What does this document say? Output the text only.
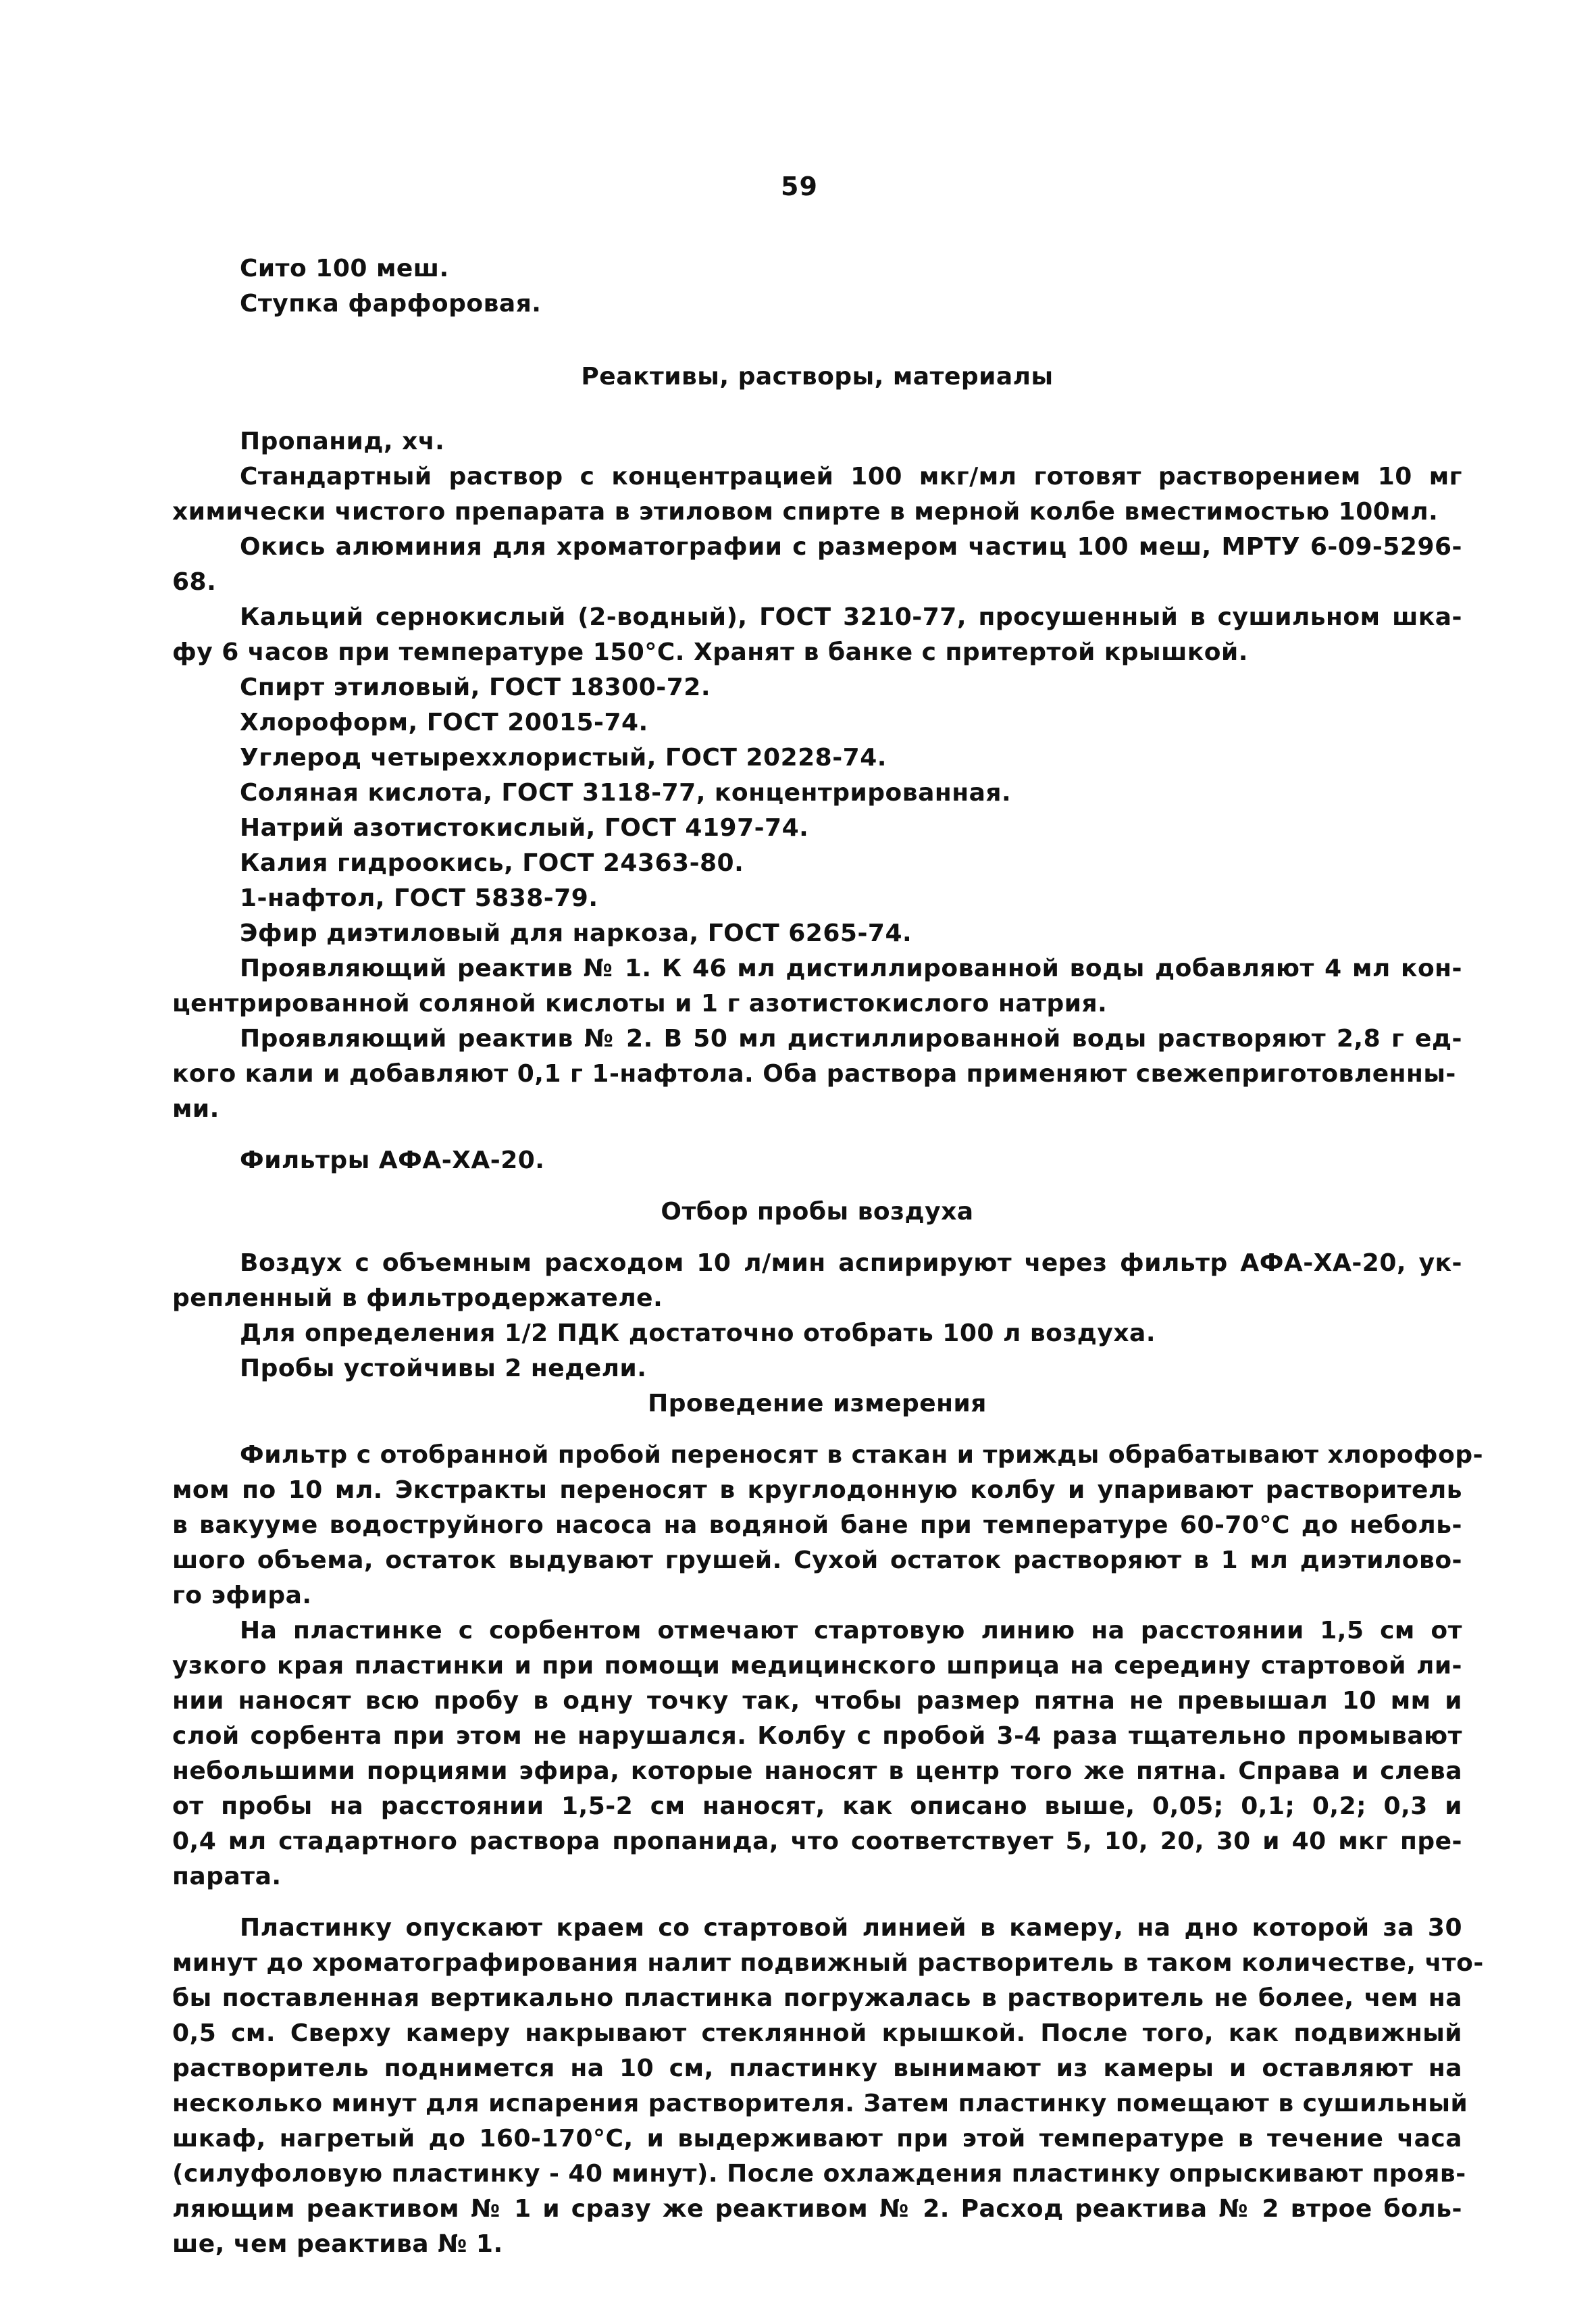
59
Сито 100 меш.
Ступка фарфоровая.
Реактивы, растворы, материалы
Пропанид, хч.
Стандартный раствор с концентрацией 100 мкг/мл готовят растворением 10 мг
химически чистого препарата в этиловом спирте в мерной колбе вместимостью 100мл.
Окись алюминия для хроматографии с размером частиц 100 меш, МРТУ 6-09-5296-
68.
Кальций сернокислый (2-водный), ГОСТ 3210-77, просушенный в сушильном шка-
фу 6 часов при температуре 150°С. Хранят в банке с притертой крышкой.
Спирт этиловый, ГОСТ 18300-72.
Хлороформ, ГОСТ 20015-74.
Углерод четыреххлористый, ГОСТ 20228-74.
Соляная кислота, ГОСТ 3118-77, концентрированная.
Натрий азотистокислый, ГОСТ 4197-74.
Калия гидроокись, ГОСТ 24363-80.
1-нафтол, ГОСТ 5838-79.
Эфир диэтиловый для наркоза, ГОСТ 6265-74.
Проявляющий реактив № 1. К 46 мл дистиллированной воды добавляют 4 мл кон-
центрированной соляной кислоты и 1 г азотистокислого натрия.
Проявляющий реактив № 2. В 50 мл дистиллированной воды растворяют 2,8 г ед-
кого кали и добавляют 0,1 г 1-нафтола. Оба раствора применяют свежеприготовленны-
ми.
Фильтры АФА-ХА-20.
Отбор пробы воздуха
Воздух с объемным расходом 10 л/мин аспирируют через фильтр АФА-ХА-20, ук-
репленный в фильтродержателе.
Для определения 1/2 ПДК достаточно отобрать 100 л воздуха.
Пробы устойчивы 2 недели.
Проведение измерения
Фильтр с отобранной пробой переносят в стакан и трижды обрабатывают хлорофор-
мом по 10 мл. Экстракты переносят в круглодонную колбу и упаривают растворитель
в вакууме водоструйного насоса на водяной бане при температуре 60-70°С до неболь-
шого объема, остаток выдувают грушей. Сухой остаток растворяют в 1 мл диэтилово-
го эфира.
На пластинке с сорбентом отмечают стартовую линию на расстоянии 1,5 см от
узкого края пластинки и при помощи медицинского шприца на середину стартовой ли-
нии наносят всю пробу в одну точку так, чтобы размер пятна не превышал 10 мм и
слой сорбента при этом не нарушался. Колбу с пробой 3-4 раза тщательно промывают
небольшими порциями эфира, которые наносят в центр того же пятна. Справа и слева
от пробы на расстоянии 1,5-2 см наносят, как описано выше, 0,05; 0,1; 0,2; 0,3 и
0,4 мл стадартного раствора пропанида, что соответствует 5, 10, 20, 30 и 40 мкг пре-
парата.
Пластинку опускают краем со стартовой линией в камеру, на дно которой за 30
минут до хроматографирования налит подвижный растворитель в таком количестве, что-
бы поставленная вертикально пластинка погружалась в растворитель не более, чем на
0,5 см. Сверху камеру накрывают стеклянной крышкой. После того, как подвижный
растворитель поднимется на 10 см, пластинку вынимают из камеры и оставляют на
несколько минут для испарения растворителя. Затем пластинку помещают в сушильный
шкаф, нагретый до 160-170°С, и выдерживают при этой температуре в течение часа
(силуфоловую пластинку - 40 минут). После охлаждения пластинку опрыскивают прояв-
ляющим реактивом № 1 и сразу же реактивом № 2. Расход реактива № 2 втрое боль-
ше, чем реактива № 1.
